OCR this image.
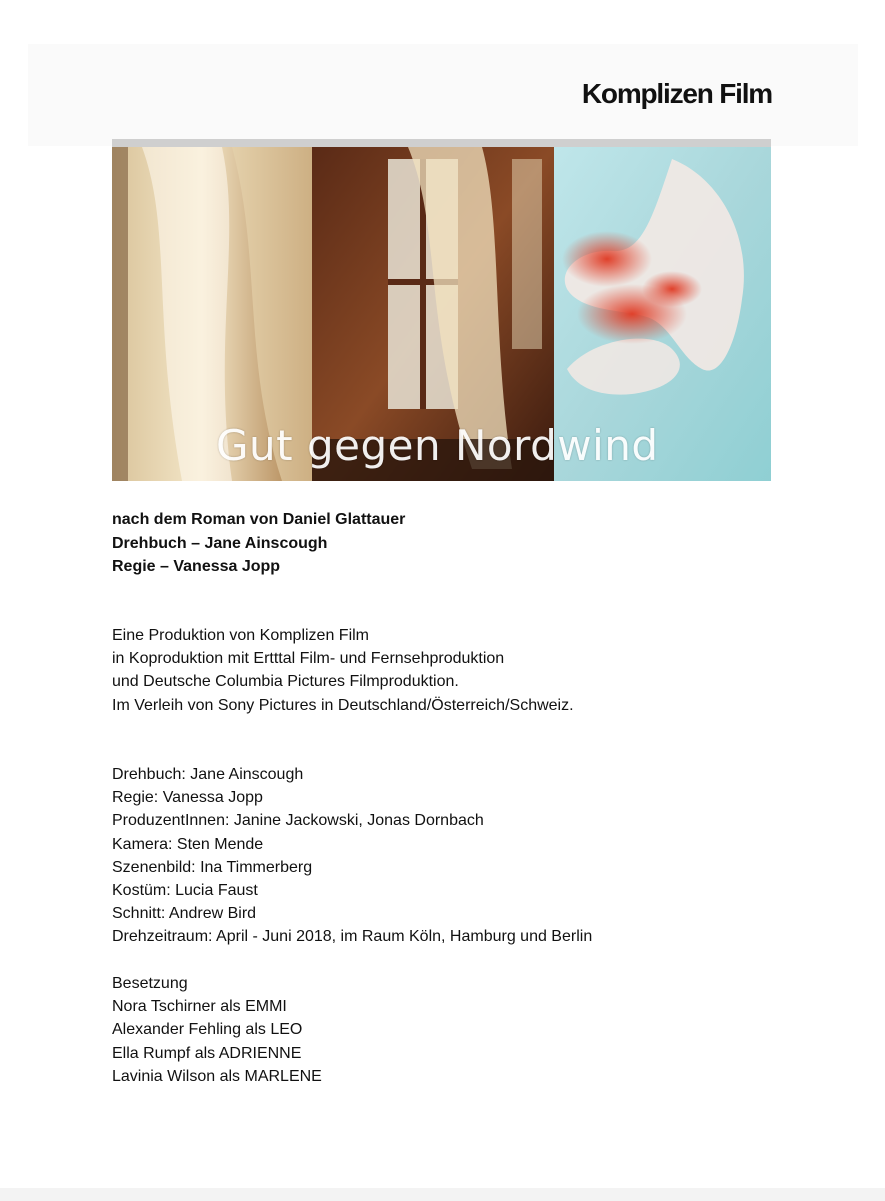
Komplizen Film
Gut gegen Nordwind
nach dem Roman von Daniel Glattauer
Drehbuch – Jane Ainscough
Regie – Vanessa Jopp
Eine Produktion von Komplizen Film
in Koproduktion mit Ertttal Film- und Fernsehproduktion
und Deutsche Columbia Pictures Filmproduktion.
Im Verleih von Sony Pictures in Deutschland/Österreich/Schweiz.
Drehbuch: Jane Ainscough
Regie: Vanessa Jopp
ProduzentInnen: Janine Jackowski, Jonas Dornbach
Kamera: Sten Mende
Szenenbild: Ina Timmerberg
Kostüm: Lucia Faust
Schnitt: Andrew Bird
Drehzeitraum: April - Juni 2018, im Raum Köln, Hamburg und Berlin
Besetzung
Nora Tschirner als EMMI
Alexander Fehling als LEO
Ella Rumpf als ADRIENNE
Lavinia Wilson als MARLENE
